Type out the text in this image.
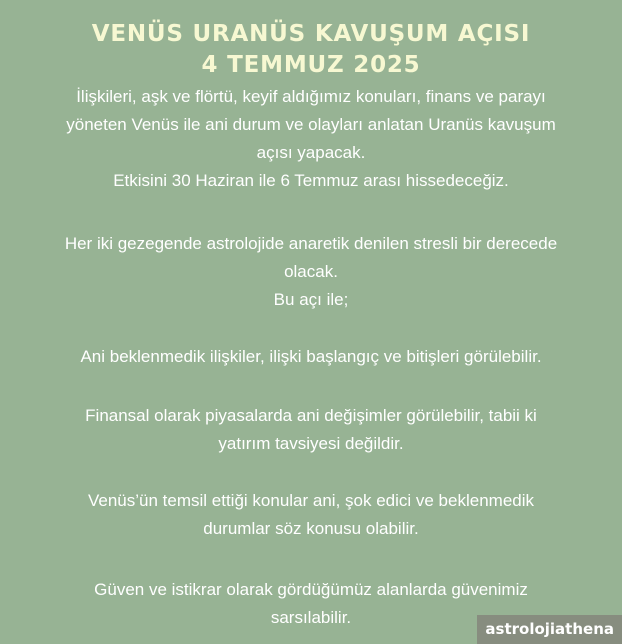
VENÜS URANÜS KAVUŞUM AÇISI
4 TEMMUZ 2025

İlişkileri, aşk ve flörtü, keyif aldığımız konuları, finans ve parayı
yöneten Venüs ile ani durum ve olayları anlatan Uranüs kavuşum
açısı yapacak.
Etkisini 30 Haziran ile 6 Temmuz arası hissedeceğiz.

Her iki gezegende astrolojide anaretik denilen stresli bir derecede
olacak.
Bu açı ile;

Ani beklenmedik ilişkiler, ilişki başlangıç ve bitişleri görülebilir.

Finansal olarak piyasalarda ani değişimler görülebilir, tabii ki
yatırım tavsiyesi değildir.

Venüs’ün temsil ettiği konular ani, şok edici ve beklenmedik
durumlar söz konusu olabilir.

Güven ve istikrar olarak gördüğümüz alanlarda güvenimiz
sarsılabilir.

astrolojiathena
